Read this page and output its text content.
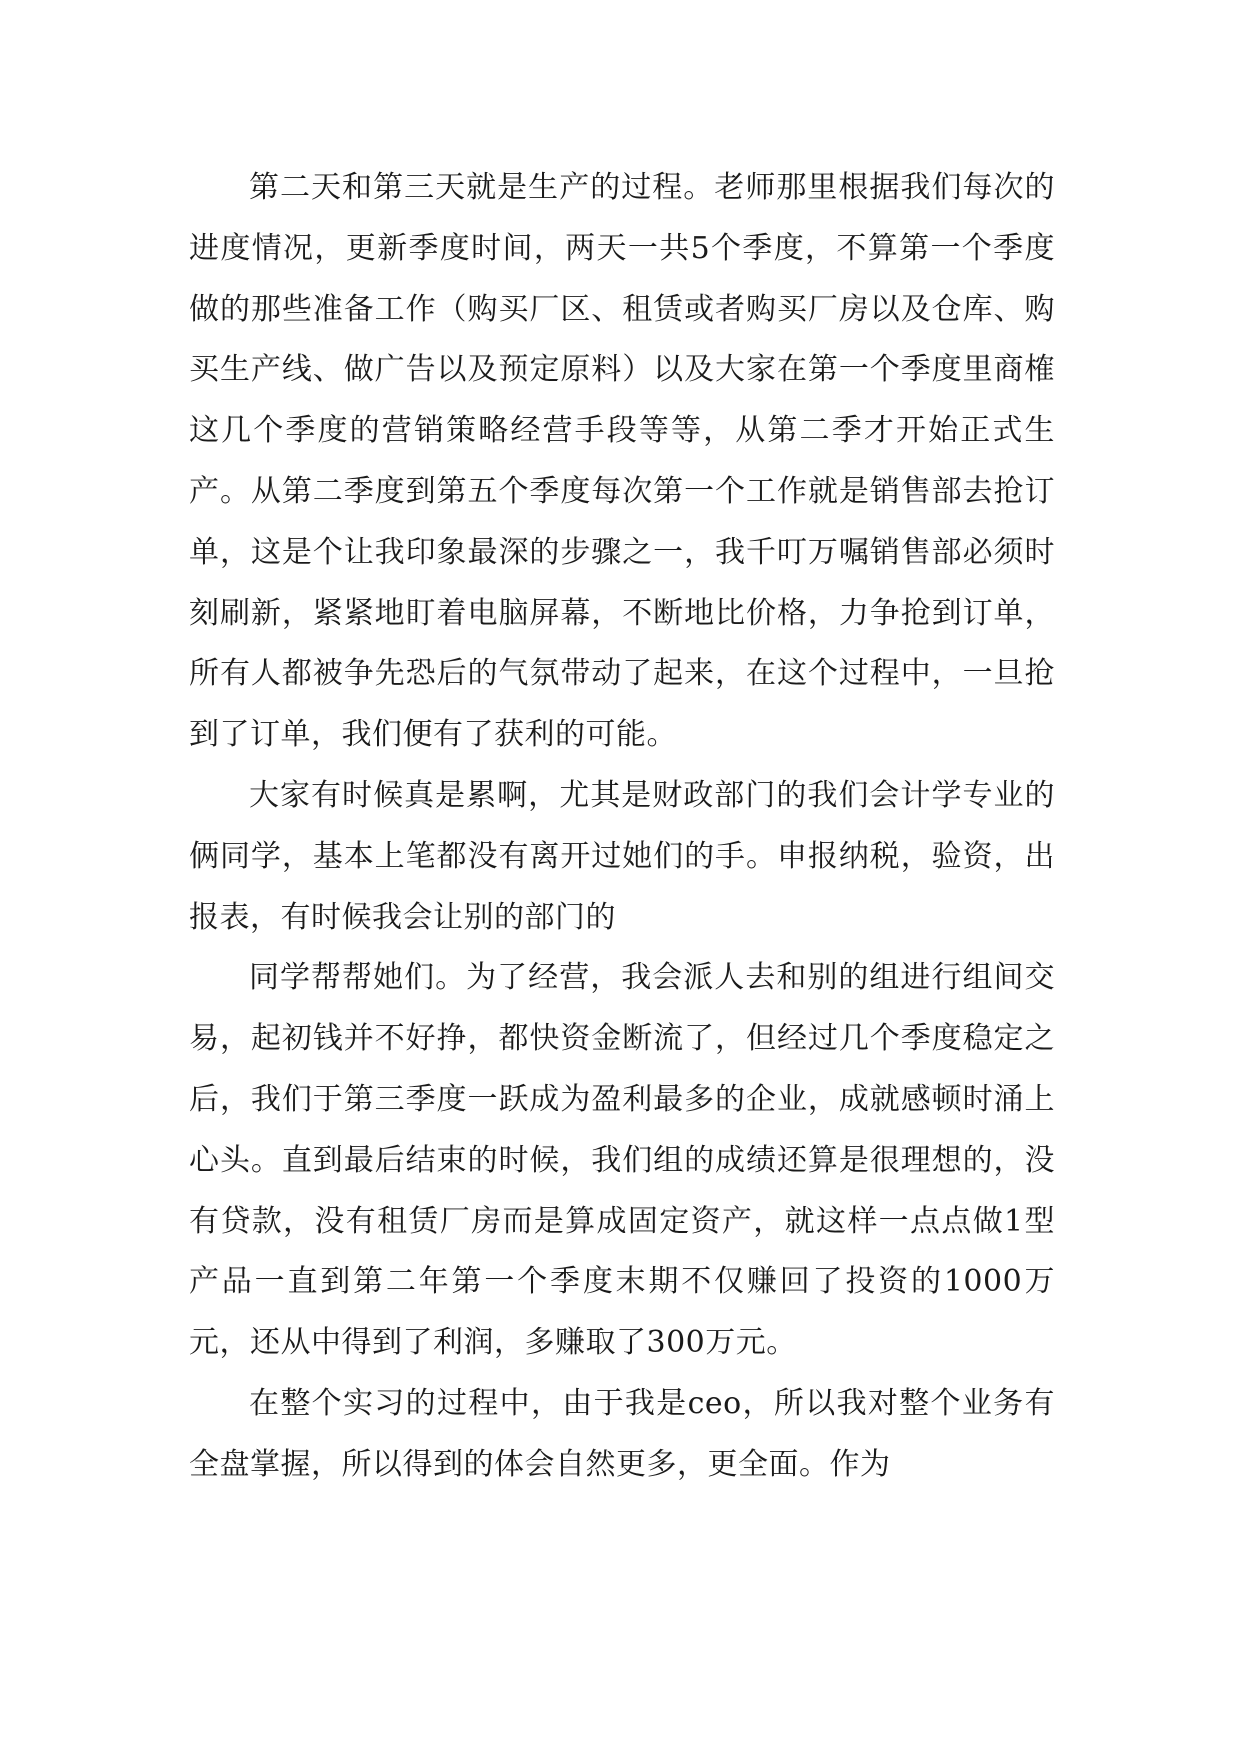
第二天和第三天就是生产的过程。老师那里根据我们每次的进度情况，更新季度时间，两天一共5个季度，不算第一个季度做的那些准备工作（购买厂区、租赁或者购买厂房以及仓库、购买生产线、做广告以及预定原料）以及大家在第一个季度里商榷这几个季度的营销策略经营手段等等，从第二季才开始正式生产。从第二季度到第五个季度每次第一个工作就是销售部去抢订单，这是个让我印象最深的步骤之一，我千叮万嘱销售部必须时刻刷新，紧紧地盯着电脑屏幕，不断地比价格，力争抢到订单，所有人都被争先恐后的气氛带动了起来，在这个过程中，一旦抢到了订单，我们便有了获利的可能。

大家有时候真是累啊，尤其是财政部门的我们会计学专业的俩同学，基本上笔都没有离开过她们的手。申报纳税，验资，出报表，有时候我会让别的部门的

同学帮帮她们。为了经营，我会派人去和别的组进行组间交易，起初钱并不好挣，都快资金断流了，但经过几个季度稳定之后，我们于第三季度一跃成为盈利最多的企业，成就感顿时涌上心头。直到最后结束的时候，我们组的成绩还算是很理想的，没有贷款，没有租赁厂房而是算成固定资产，就这样一点点做1型产品一直到第二年第一个季度末期不仅赚回了投资的1000万元，还从中得到了利润，多赚取了300万元。

在整个实习的过程中，由于我是ceo，所以我对整个业务有全盘掌握，所以得到的体会自然更多，更全面。作为
